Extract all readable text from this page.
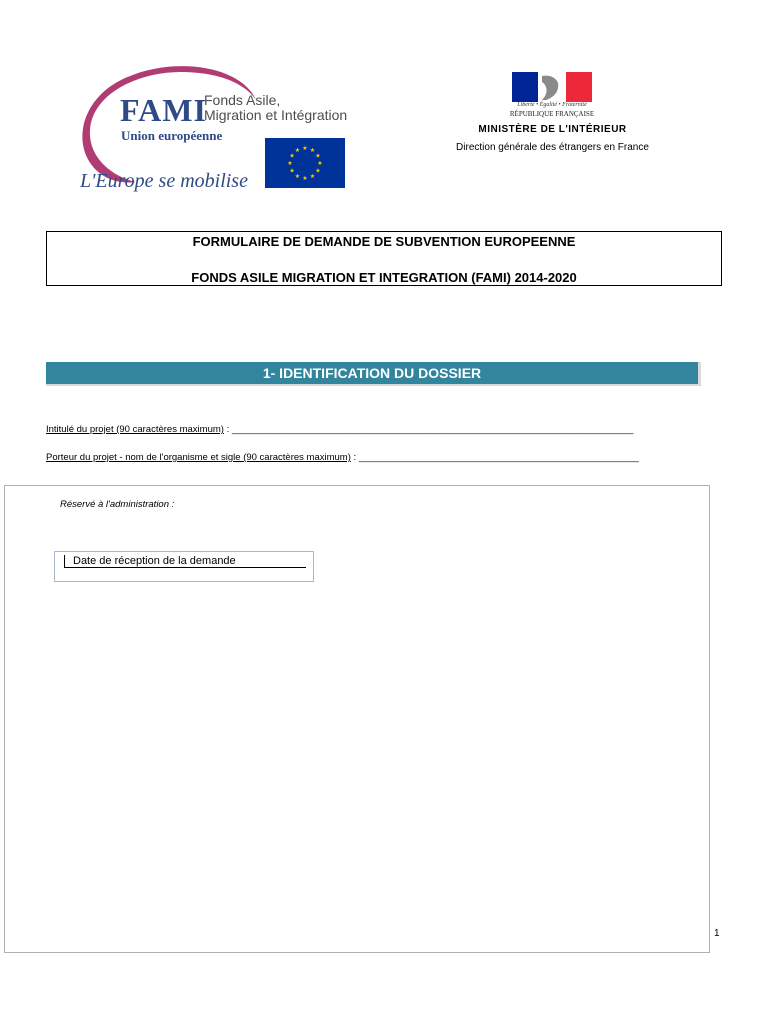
FAMI
Fonds Asile,
Migration et Intégration
Union européenne
L'Europe se mobilise
★
★
★
★
★
★
★
★
★ ★ ★
★
Liberté • Égalité • Fraternité
RÉPUBLIQUE FRANÇAISE
MINISTÈRE DE L'INTÉRIEUR
Direction générale des étrangers en France
FORMULAIRE DE DEMANDE DE SUBVENTION EUROPEENNE
FONDS ASILE MIGRATION ET INTEGRATION (FAMI) 2014-2020
1- IDENTIFICATION DU DOSSIER
Intitulé du projet (90 caractères maximum) : ____________________________________________________________________________
Porteur du projet - nom de l'organisme et sigle (90 caractères maximum) : _____________________________________________________
Réservé à l'administration :
Date de réception de la demande
1
